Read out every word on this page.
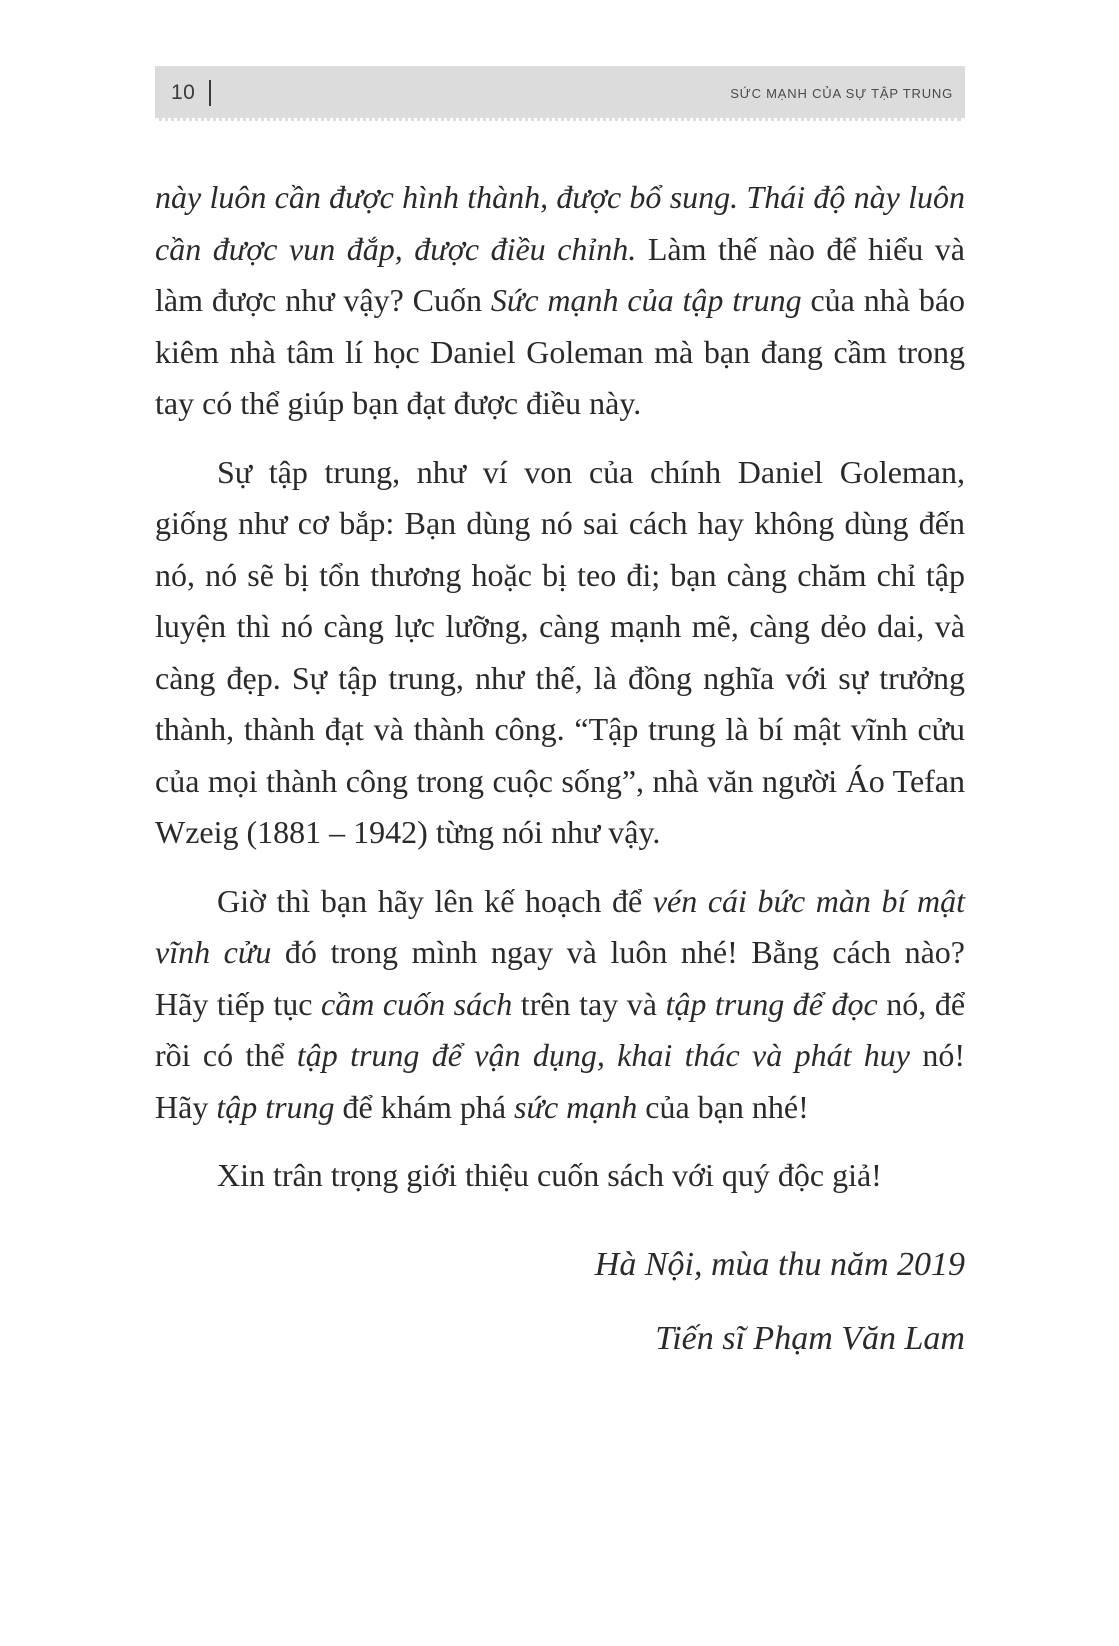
10	SỨC MẠNH CỦA SỰ TẬP TRUNG

này luôn cần được hình thành, được bổ sung. Thái độ này luôn cần được vun đắp, được điều chỉnh. Làm thế nào để hiểu và làm được như vậy? Cuốn Sức mạnh của tập trung của nhà báo kiêm nhà tâm lí học Daniel Goleman mà bạn đang cầm trong tay có thể giúp bạn đạt được điều này.

Sự tập trung, như ví von của chính Daniel Goleman, giống như cơ bắp: Bạn dùng nó sai cách hay không dùng đến nó, nó sẽ bị tổn thương hoặc bị teo đi; bạn càng chăm chỉ tập luyện thì nó càng lực lưỡng, càng mạnh mẽ, càng dẻo dai, và càng đẹp. Sự tập trung, như thế, là đồng nghĩa với sự trưởng thành, thành đạt và thành công. “Tập trung là bí mật vĩnh cửu của mọi thành công trong cuộc sống”, nhà văn người Áo Tefan Wzeig (1881 – 1942) từng nói như vậy.

Giờ thì bạn hãy lên kế hoạch để vén cái bức màn bí mật vĩnh cửu đó trong mình ngay và luôn nhé! Bằng cách nào? Hãy tiếp tục cầm cuốn sách trên tay và tập trung để đọc nó, để rồi có thể tập trung để vận dụng, khai thác và phát huy nó! Hãy tập trung để khám phá sức mạnh của bạn nhé!

Xin trân trọng giới thiệu cuốn sách với quý độc giả!

Hà Nội, mùa thu năm 2019
Tiến sĩ Phạm Văn Lam
